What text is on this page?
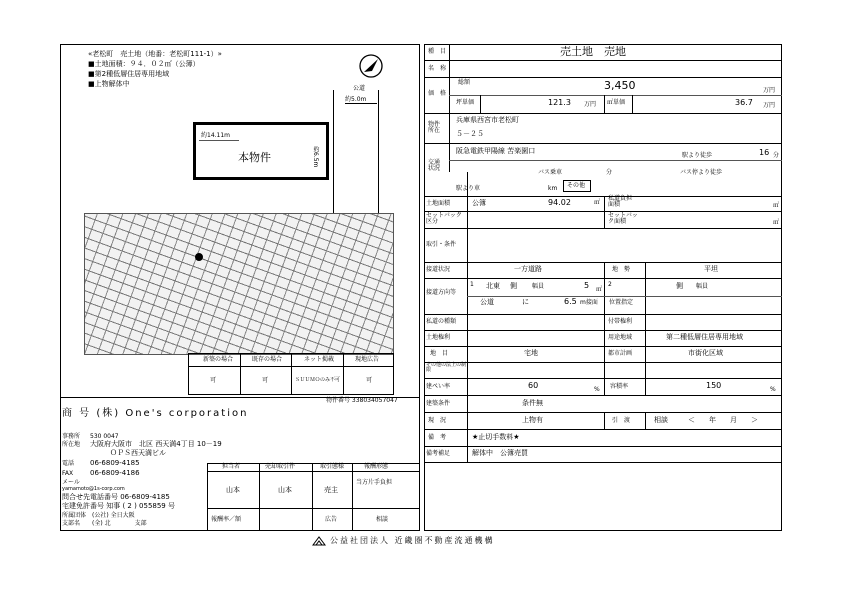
«老松町　売土地（地番：老松町111-1）»
■土地面積：９４．０２㎡（公簿）
■第2種低層住居専用地域
■上物解体中
公道
約5.0m
約14.11m
本物件	約6.5m
新築の場合	既存の場合	ネット掲載	現地広告
可	可	ＳＵＵＭＯのみ不可	可
物件番号 338034057047
商 号 (株) One's corporation
事務所 530 0047
所在地 大阪府大阪市　北区 西天満4丁目 10－19
ＯＰＳ西天満ビル
電話 06-6809-4185
FAX 06-6809-4186
メール
yamamoto@1s-corp.com
問合せ先電話番号 06-6809-4185
宅建免許番号 知事 ( 2 ) 055859 号
所属団体 (公社) 全日大阪
支部名 (全) 北　　　　支部
担当者	売却取引件	取引態様	報酬形態
山本	山本	売主
当方片手負担
報酬率／額	広告	相談
種　目	売土地　売地
名　称
価　格
総額	3,450	万円
坪単価	121.3 万円 ㎡単価	36.7 万円
物件所在
兵庫県西宮市老松町
５－２５
交通状況
阪急電鉄甲陽線 苦楽園口
駅より徒歩	16 分
バス乗車	分	バス停より徒歩
駅より車	km その他
土地面積	公簿	94.02	㎡
私道負担面積	㎡
セットバック区分
セットバック面積	㎡
取引・条件
接道状況	一方道路	地　勢	平坦
接道方向等
1 北東 側	幅員	5 ㎡
2	側 幅員
公道	に	6.5 m接面 位置指定
私道の種類	付帯権利
土地権利	用途地域	第二種低層住居専用地域
地　目	宅地	都市計画	市街化区域
その他の法上の制限
建ぺい率	60	% 容積率	150	%
建築条件	条件無
現　況	上物有	引　渡	相談	＜　　年　　月　　＞
備　考	★止切手数料★
備考補足	解体中　公簿売買
公益社団法人 近畿圏不動産流通機構
